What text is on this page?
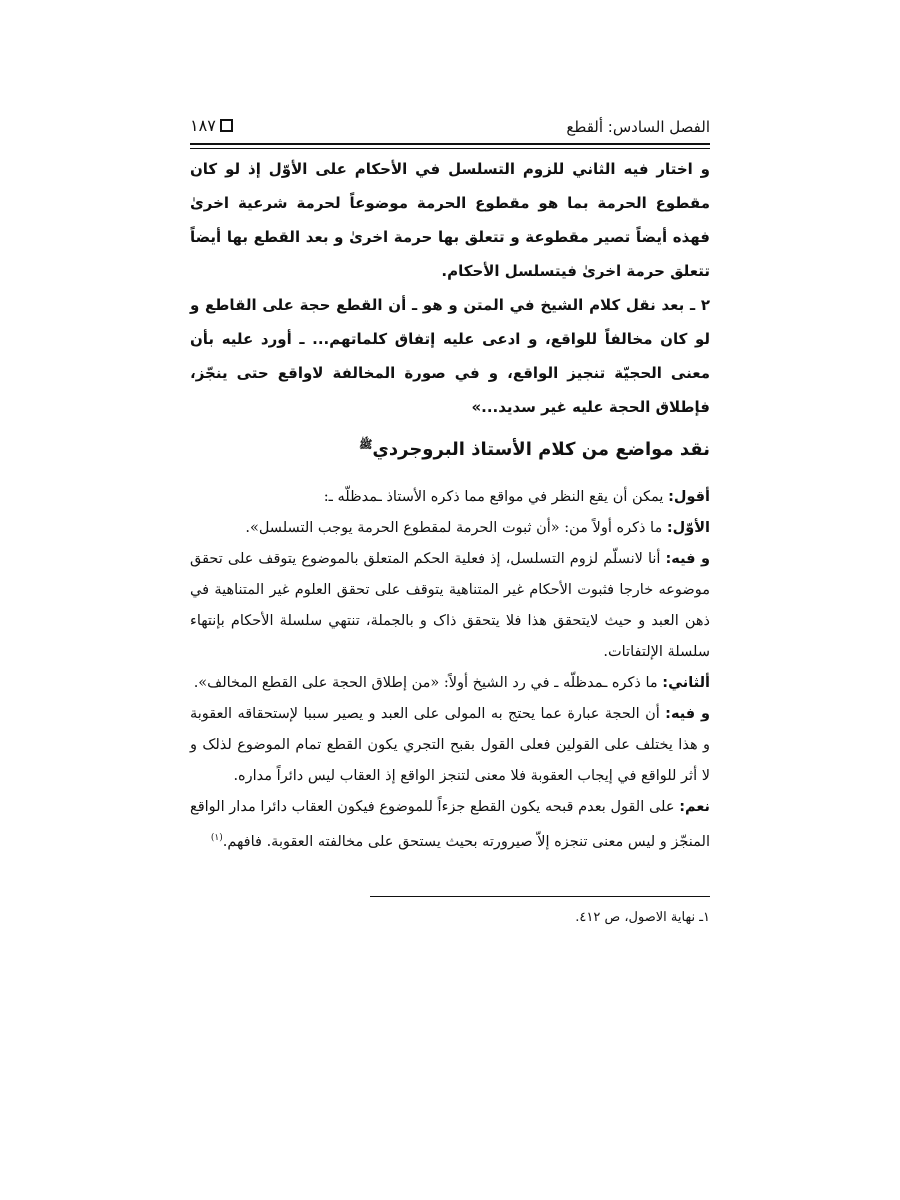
الفصل السادس: ألقطع
١٨٧

و اختار فيه الثاني للزوم التسلسل في الأحكام على الأوّل إذ لو كان مقطوع الحرمة بما هو مقطوع الحرمة موضوعاً لحرمة شرعية اخرىٰ فهذه أيضاً تصير مقطوعة و تتعلق بها حرمة اخرىٰ و بعد القطع بها أيضاً تتعلق حرمة اخرىٰ فيتسلسل الأحكام.

٢ ـ بعد نقل كلام الشيخ في المتن و هو ـ أن القطع حجة على القاطع و لو كان مخالفاً للواقع، و ادعى عليه إتفاق كلماتهم... ـ أورد عليه بأن معنى الحجيّة تنجيز الواقع، و في صورة المخالفة لاواقع حتى ينجّز، فإطلاق الحجة عليه غير سديد...»

نقد مواضع من كلام الأستاذ البروجردي$^ﷺ$

أقول: يمكن أن يقع النظر في مواقع مما ذكره الأستاذ ـمدظلّه ـ:

الأوّل: ما ذكره أولاً من: «أن ثبوت الحرمة لمقطوع الحرمة يوجب التسلسل».

و فيه: أنا لانسلّم لزوم التسلسل، إذ فعلية الحكم المتعلق بالموضوع يتوقف على تحقق موضوعه خارجا فثبوت الأحكام غير المتناهية يتوقف على تحقق العلوم غير المتناهية في ذهن العبد و حيث لايتحقق هذا فلا يتحقق ذاک و بالجملة، تنتهي سلسلة الأحكام بإنتهاء سلسلة الإلتفاتات.

ألثاني: ما ذكره ـمدظلّه ـ في رد الشيخ أولاً: «من إطلاق الحجة على القطع المخالف».

و فيه: أن الحجة عبارة عما يحتج به المولى على العبد و يصير سببا لإستحقاقه العقوبة و هذا يختلف على القولين فعلى القول بقبح التجري يكون القطع تمام الموضوع لذلک و لا أثر للواقع في إيجاب العقوبة فلا معنى لتنجز الواقع إذ العقاب ليس دائراً مداره.

نعم: على القول بعدم قبحه يكون القطع جزءاً للموضوع فيكون العقاب دائرا مدار الواقع المنجّز و ليس معنى تنجزه إلاّ صيرورته بحيث يستحق على مخالفته العقوبة. فافهم.$^{(١)}$

١ـ نهاية الاصول، ص ٤١٢.
